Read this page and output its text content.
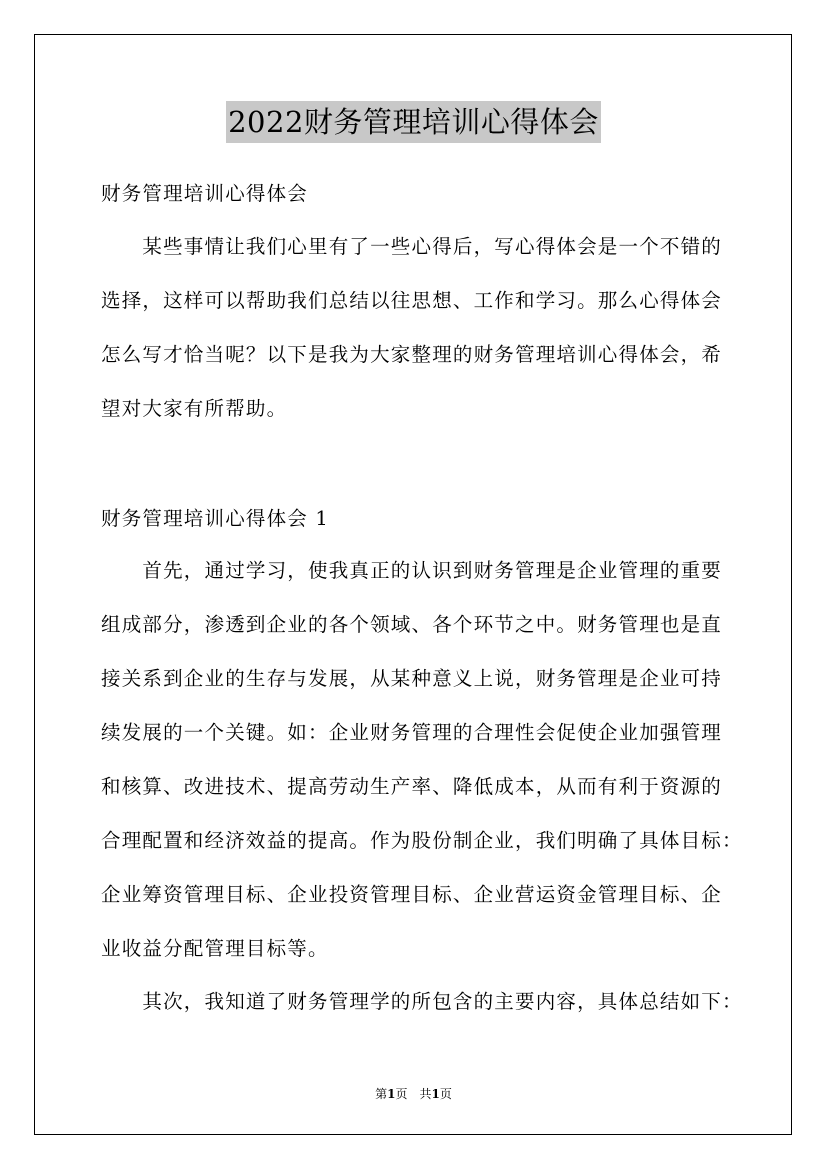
2022财务管理培训心得体会
财务管理培训心得体会
　　某些事情让我们心里有了一些心得后，写心得体会是一个不错的
选择，这样可以帮助我们总结以往思想、工作和学习。那么心得体会
怎么写才恰当呢？以下是我为大家整理的财务管理培训心得体会，希
望对大家有所帮助。
财务管理培训心得体会 1
　　首先，通过学习，使我真正的认识到财务管理是企业管理的重要
组成部分，渗透到企业的各个领域、各个环节之中。财务管理也是直
接关系到企业的生存与发展，从某种意义上说，财务管理是企业可持
续发展的一个关键。如：企业财务管理的合理性会促使企业加强管理
和核算、改进技术、提高劳动生产率、降低成本，从而有利于资源的
合理配置和经济效益的提高。作为股份制企业，我们明确了具体目标：
企业筹资管理目标、企业投资管理目标、企业营运资金管理目标、企
业收益分配管理目标等。
　　其次，我知道了财务管理学的所包含的主要内容，具体总结如下：
第1页　共1页
